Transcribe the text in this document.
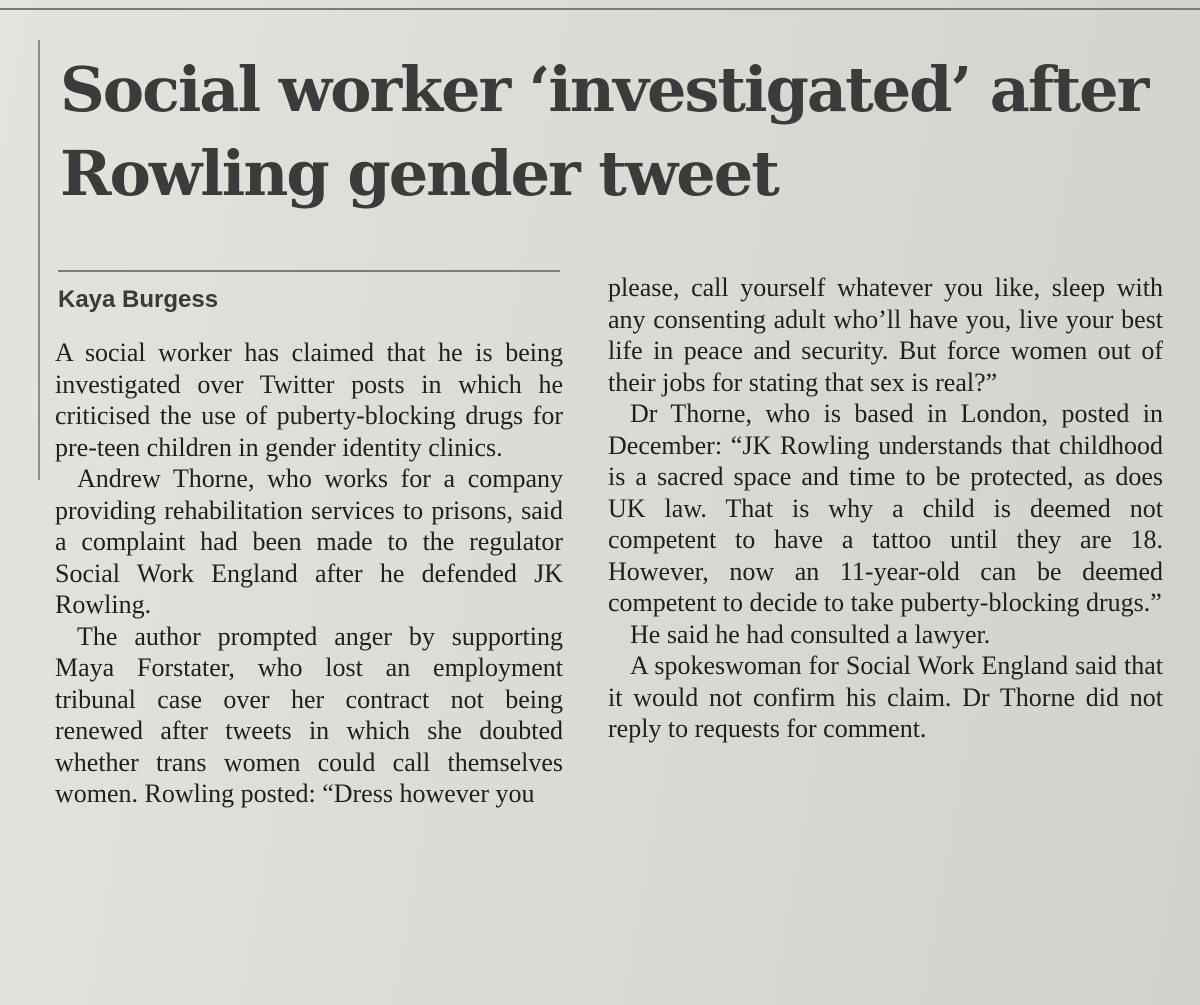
Social worker ‘investigated’ after Rowling gender tweet
Kaya Burgess

A social worker has claimed that he is being investigated over Twitter posts in which he criticised the use of puberty-blocking drugs for pre-teen children in gender identity clinics.

Andrew Thorne, who works for a company providing rehabilitation services to prisons, said a complaint had been made to the regulator Social Work England after he defended JK Rowling.

The author prompted anger by supporting Maya Forstater, who lost an employment tribunal case over her contract not being renewed after tweets in which she doubted whether trans women could call themselves women. Rowling posted: “Dress however you

please, call yourself whatever you like, sleep with any consenting adult who’ll have you, live your best life in peace and security. But force women out of their jobs for stating that sex is real?”

Dr Thorne, who is based in London, posted in December: “JK Rowling understands that childhood is a sacred space and time to be protected, as does UK law. That is why a child is deemed not competent to have a tattoo until they are 18. However, now an 11-year-old can be deemed competent to decide to take puberty-blocking drugs.”

He said he had consulted a lawyer.

A spokeswoman for Social Work England said that it would not confirm his claim. Dr Thorne did not reply to requests for comment.
